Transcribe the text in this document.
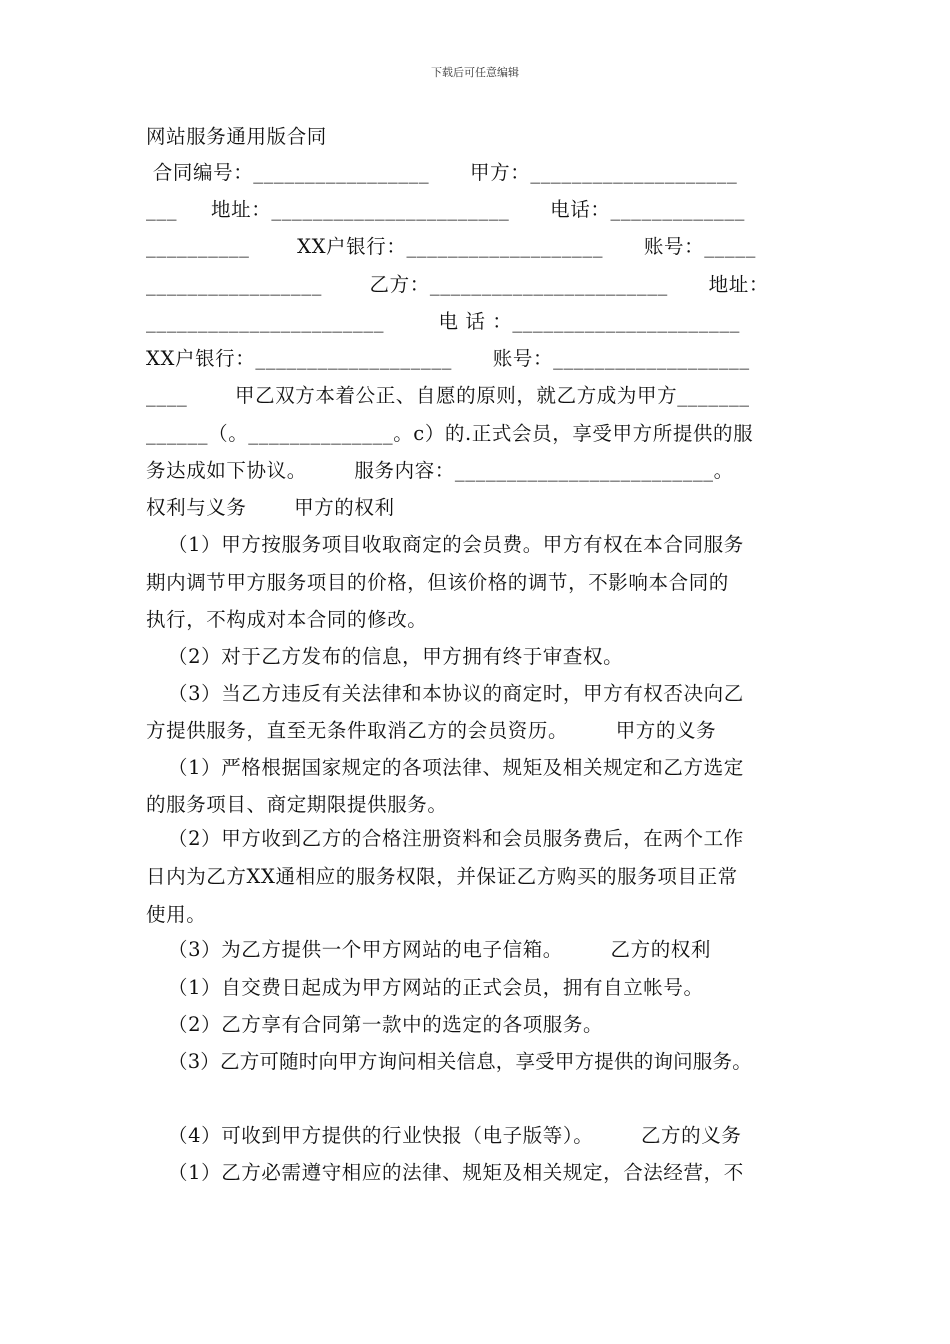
下载后可任意编辑
网站服务通用版合同
合同编号：_________________      甲方：____________________
___     地址：_______________________      电话：_____________
__________       XX户银行：___________________      账号：_____
_________________       乙方：_______________________      地址：
_______________________        电 话 ：______________________
XX户银行：___________________      账号：___________________
____       甲乙双方本着公正、自愿的原则，就乙方成为甲方_______
______（。______________。c）的.正式会员，享受甲方所提供的服
务达成如下协议。       服务内容：_________________________。
权利与义务       甲方的权利
（1）甲方按服务项目收取商定的会员费。甲方有权在本合同服务
期内调节甲方服务项目的价格，但该价格的调节，不影响本合同的
执行，不构成对本合同的修改。
（2）对于乙方发布的信息，甲方拥有终于审查权。
（3）当乙方违反有关法律和本协议的商定时，甲方有权否决向乙
方提供服务，直至无条件取消乙方的会员资历。       甲方的义务
（1）严格根据国家规定的各项法律、规矩及相关规定和乙方选定
的服务项目、商定期限提供服务。
（2）甲方收到乙方的合格注册资料和会员服务费后，在两个工作
日内为乙方XX通相应的服务权限，并保证乙方购买的服务项目正常
使用。
（3）为乙方提供一个甲方网站的电子信箱。       乙方的权利
（1）自交费日起成为甲方网站的正式会员，拥有自立帐号。
（2）乙方享有合同第一款中的选定的各项服务。
（3）乙方可随时向甲方询问相关信息，享受甲方提供的询问服务。
（4）可收到甲方提供的行业快报（电子版等）。       乙方的义务
（1）乙方必需遵守相应的法律、规矩及相关规定，合法经营，不
